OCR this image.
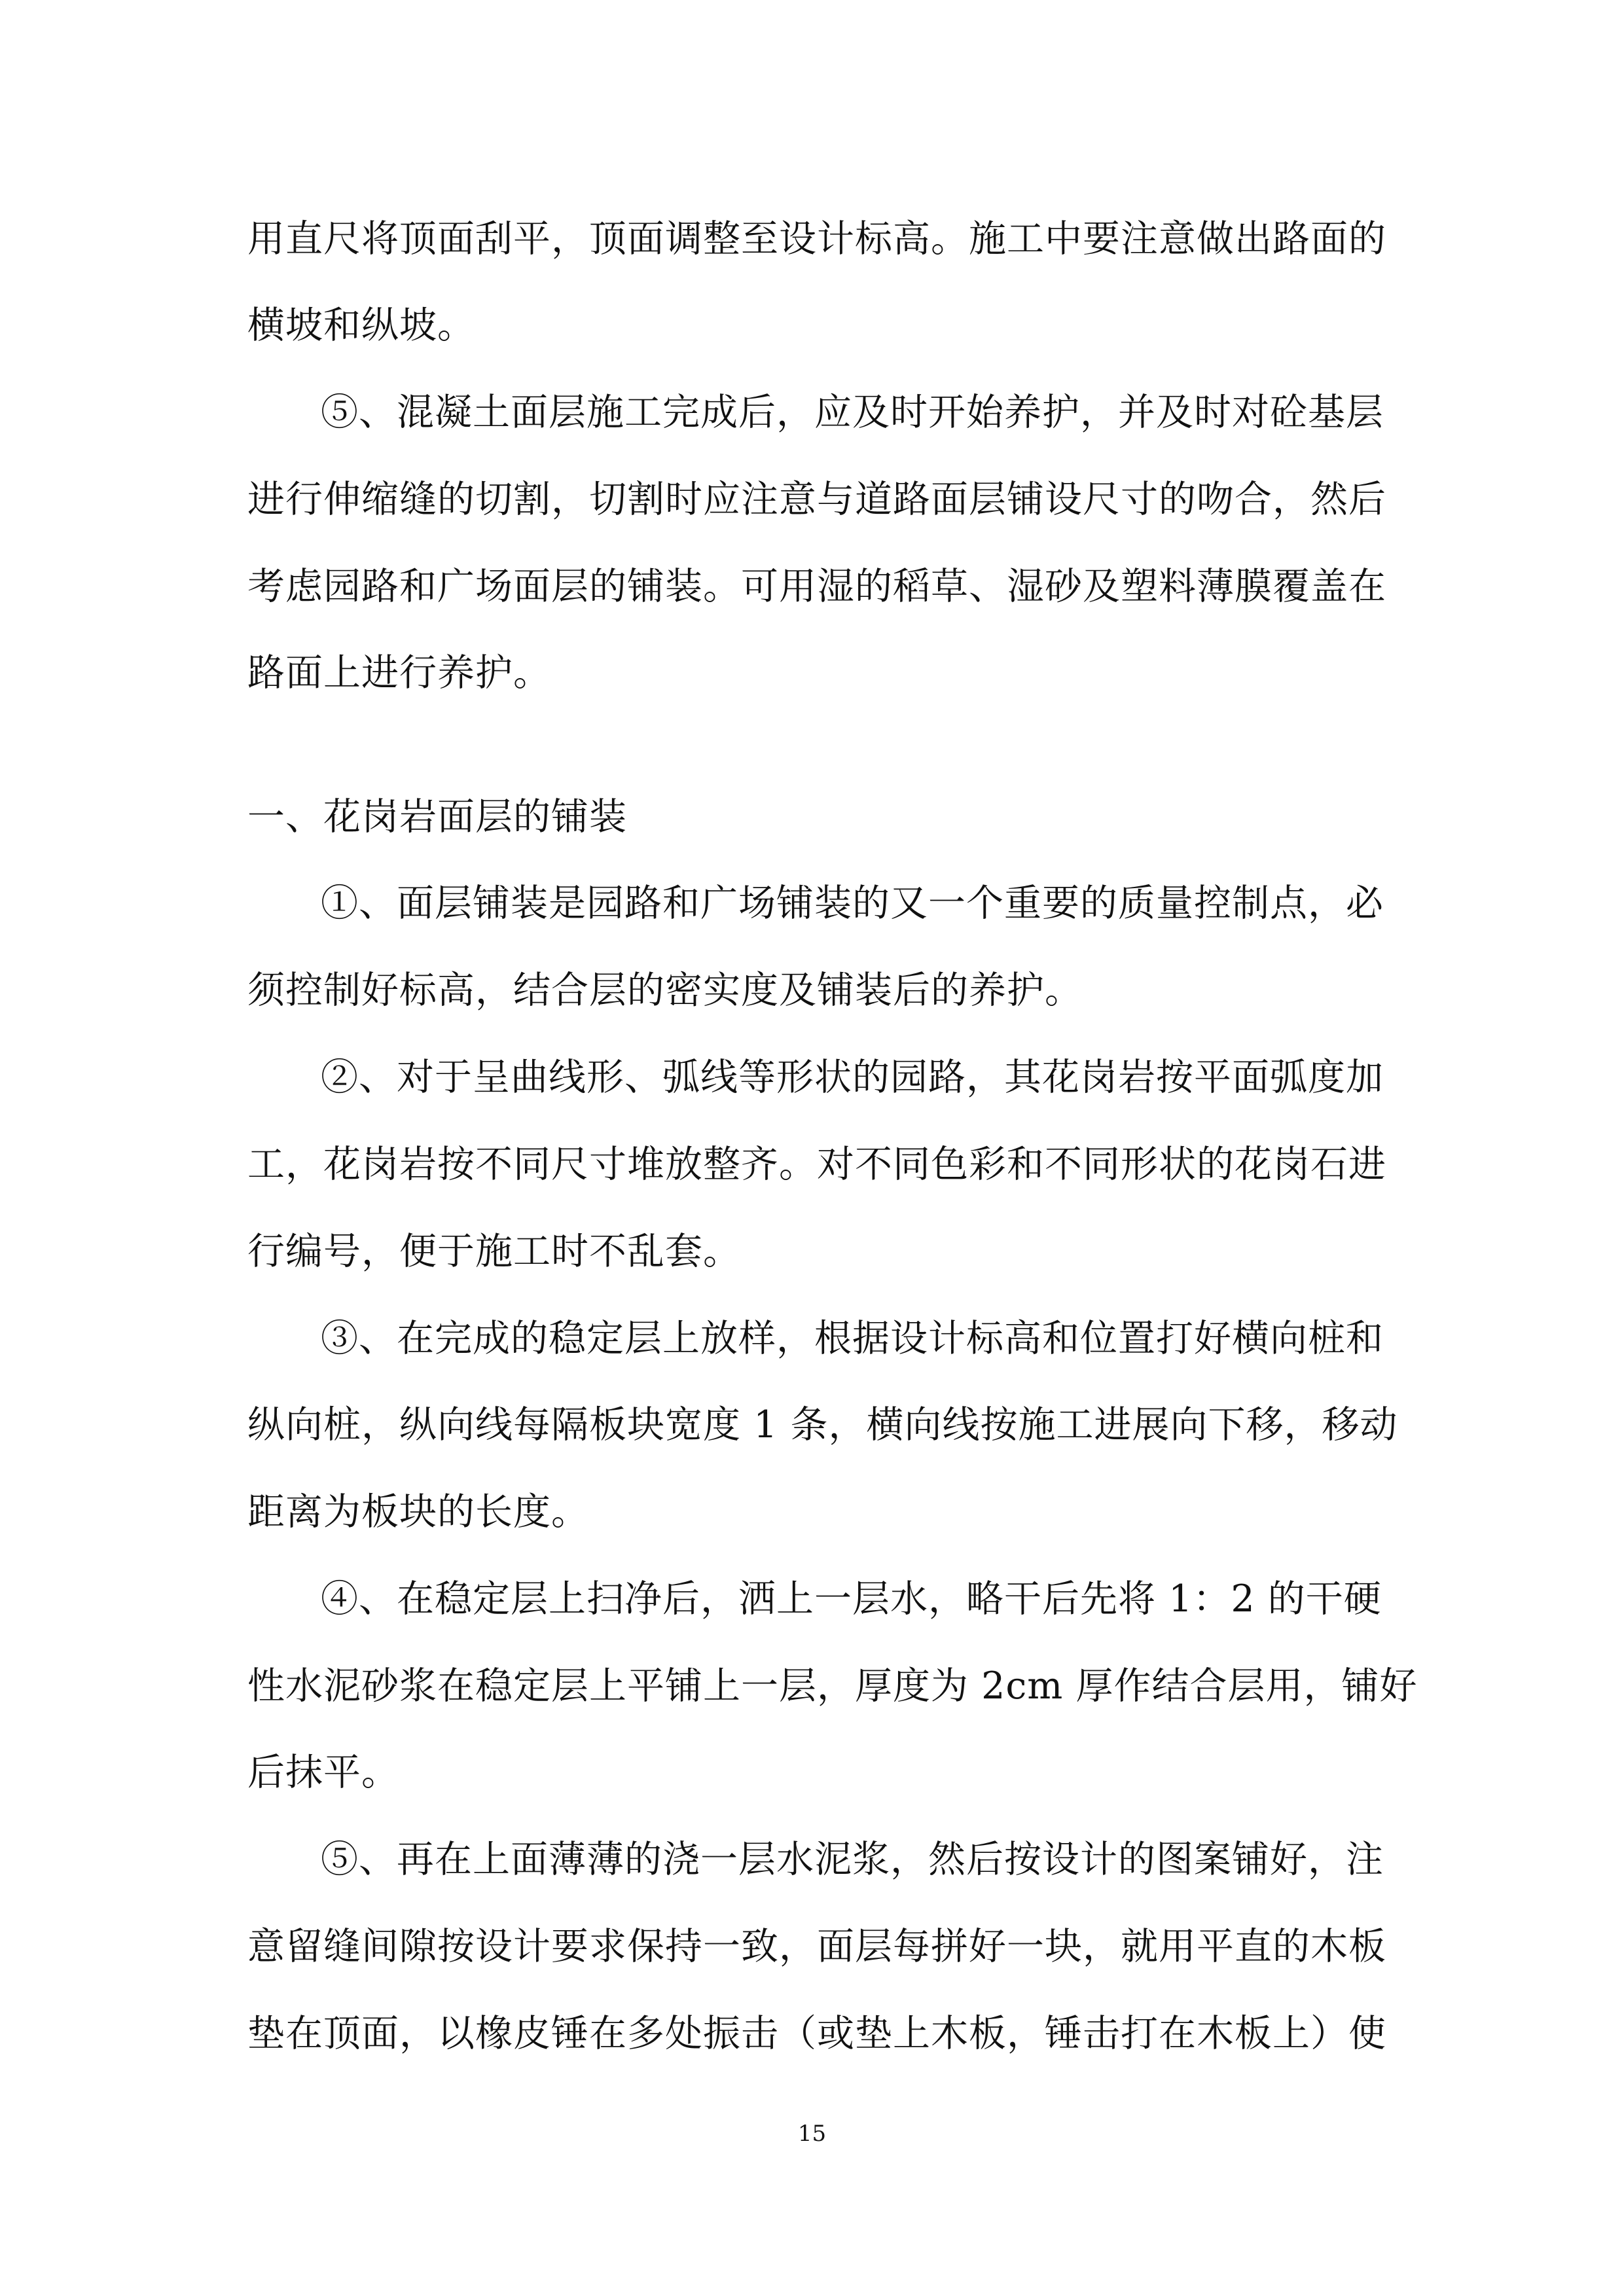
用直尺将顶面刮平，顶面调整至设计标高。施工中要注意做出路面的
横坡和纵坡。
⑤、混凝土面层施工完成后，应及时开始养护，并及时对砼基层
进行伸缩缝的切割，切割时应注意与道路面层铺设尺寸的吻合，然后
考虑园路和广场面层的铺装。可用湿的稻草、湿砂及塑料薄膜覆盖在
路面上进行养护。
一、花岗岩面层的铺装
①、面层铺装是园路和广场铺装的又一个重要的质量控制点，必
须控制好标高，结合层的密实度及铺装后的养护。
②、对于呈曲线形、弧线等形状的园路，其花岗岩按平面弧度加
工，花岗岩按不同尺寸堆放整齐。对不同色彩和不同形状的花岗石进
行编号，便于施工时不乱套。
③、在完成的稳定层上放样，根据设计标高和位置打好横向桩和
纵向桩，纵向线每隔板块宽度 1 条，横向线按施工进展向下移，移动
距离为板块的长度。
④、在稳定层上扫净后，洒上一层水，略干后先将 1：2 的干硬
性水泥砂浆在稳定层上平铺上一层，厚度为 2cm 厚作结合层用，铺好
后抹平。
⑤、再在上面薄薄的浇一层水泥浆，然后按设计的图案铺好，注
意留缝间隙按设计要求保持一致，面层每拼好一块，就用平直的木板
垫在顶面，以橡皮锤在多处振击（或垫上木板，锤击打在木板上）使
15
